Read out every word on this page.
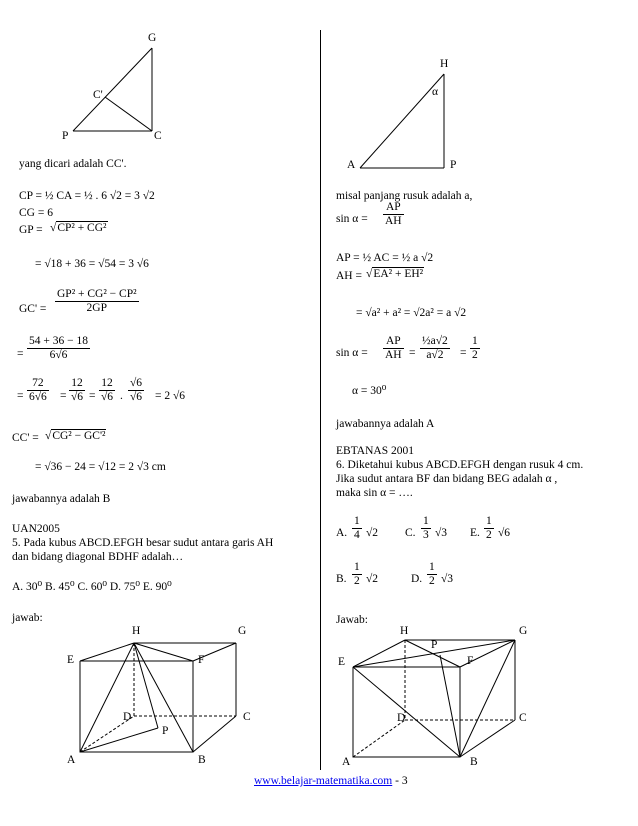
G
C'
P	C
yang dicari adalah CC'.
CP = ½ CA = ½ . 6 √2 = 3 √2
CG = 6
GP = √CP² + CG²
= √18 + 36 = √54 = 3 √6
$GC' = \frac{\text{GP² + CG² − CP²}}{2GP}$
= $\frac{54 + 36 - 18}{6√6}$
= $\frac{72}{6√6} = \frac{12}{√6} = \frac{12}{√6}$ . $\frac{√6}{√6} = 2$ √6
CC' = √CG² − GC'²
= √36 − 24 = √12 = 2 √3 cm
jawabannya adalah B
UAN2005
5. Pada kubus ABCD.EFGH besar sudut antara garis AH
dan bidang diagonal BDHF adalah…
A. 30⁰ B. 45⁰ C. 60⁰ D. 75⁰ E. 90⁰
jawab:
H	G
E	F
D	C
P
A	B
H
α
A	P
misal panjang rusuk adalah a,
$\sin \alpha = \frac{AP}{AH}$
AP = ½ AC = ½ a √2
AH = √EA² + EH²
= √a² + a² = √2a² = a √2
$\sin \alpha = \frac{AP}{AH} = \frac{\text{½a√2}}{a√2} = \frac{1}{2}$
α = 30⁰
jawabannya adalah A
EBTANAS 2001
6. Diketahui kubus ABCD.EFGH dengan rusuk 4 cm.
Jika sudut antara BF dan bidang BEG adalah α ,
maka sin α = ….
A. $\frac{1}{4} √2$ C. $\frac{1}{3} √3$ E. $\frac{1}{2} √6$
B. $\frac{1}{2} √2$	D. $\frac{1}{2} √3$
Jawab:
H	G
P
E	F
D	C
A	B
www.belajar-matematika.com - 3
